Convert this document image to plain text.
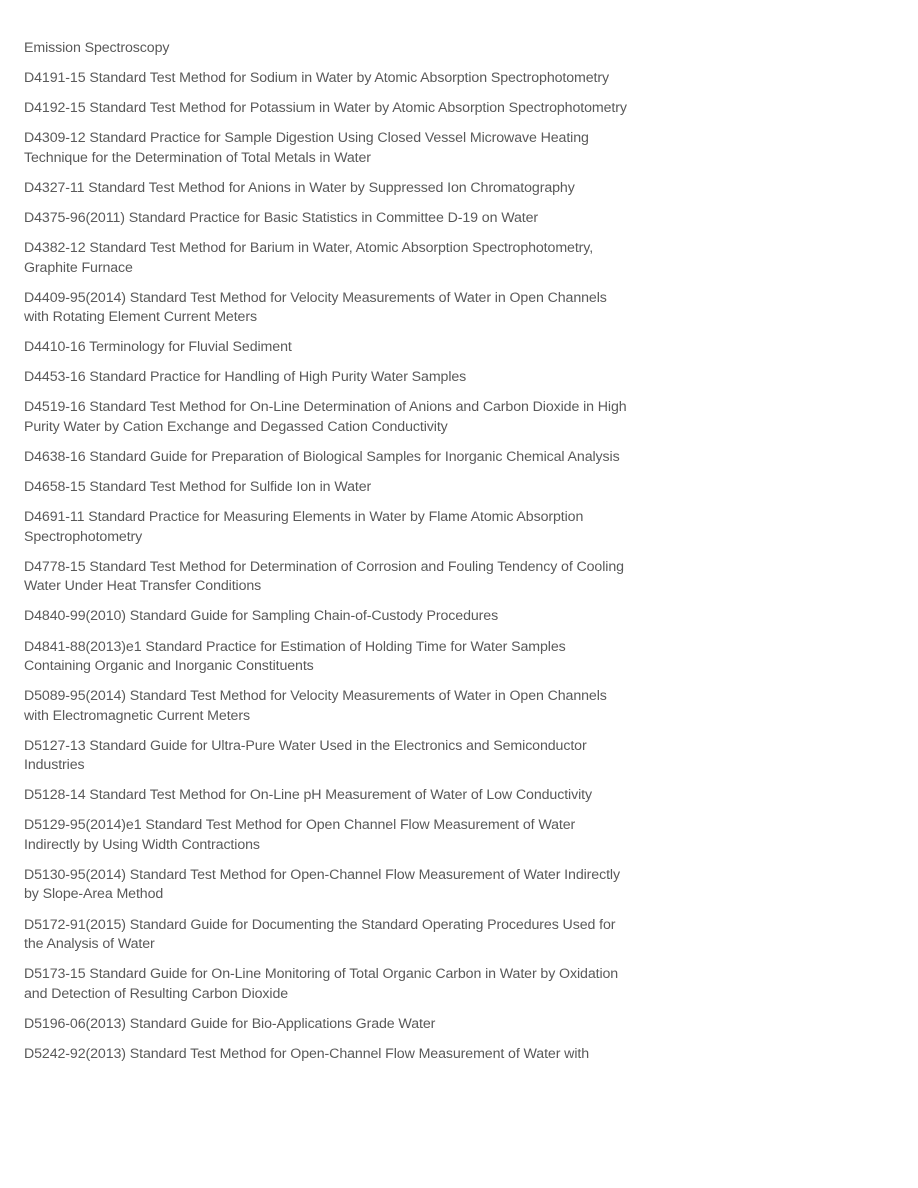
Emission Spectroscopy

D4191-15 Standard Test Method for Sodium in Water by Atomic Absorption Spectrophotometry

D4192-15 Standard Test Method for Potassium in Water by Atomic Absorption Spectrophotometry

D4309-12 Standard Practice for Sample Digestion Using Closed Vessel Microwave Heating Technique for the Determination of Total Metals in Water

D4327-11 Standard Test Method for Anions in Water by Suppressed Ion Chromatography

D4375-96(2011) Standard Practice for Basic Statistics in Committee D-19 on Water

D4382-12 Standard Test Method for Barium in Water, Atomic Absorption Spectrophotometry, Graphite Furnace

D4409-95(2014) Standard Test Method for Velocity Measurements of Water in Open Channels with Rotating Element Current Meters

D4410-16 Terminology for Fluvial Sediment

D4453-16 Standard Practice for Handling of High Purity Water Samples

D4519-16 Standard Test Method for On-Line Determination of Anions and Carbon Dioxide in High Purity Water by Cation Exchange and Degassed Cation Conductivity

D4638-16 Standard Guide for Preparation of Biological Samples for Inorganic Chemical Analysis

D4658-15 Standard Test Method for Sulfide Ion in Water

D4691-11 Standard Practice for Measuring Elements in Water by Flame Atomic Absorption Spectrophotometry

D4778-15 Standard Test Method for Determination of Corrosion and Fouling Tendency of Cooling Water Under Heat Transfer Conditions

D4840-99(2010) Standard Guide for Sampling Chain-of-Custody Procedures

D4841-88(2013)e1 Standard Practice for Estimation of Holding Time for Water Samples Containing Organic and Inorganic Constituents

D5089-95(2014) Standard Test Method for Velocity Measurements of Water in Open Channels with Electromagnetic Current Meters

D5127-13 Standard Guide for Ultra-Pure Water Used in the Electronics and Semiconductor Industries

D5128-14 Standard Test Method for On-Line pH Measurement of Water of Low Conductivity

D5129-95(2014)e1 Standard Test Method for Open Channel Flow Measurement of Water Indirectly by Using Width Contractions

D5130-95(2014) Standard Test Method for Open-Channel Flow Measurement of Water Indirectly by Slope-Area Method

D5172-91(2015) Standard Guide for Documenting the Standard Operating Procedures Used for the Analysis of Water

D5173-15 Standard Guide for On-Line Monitoring of Total Organic Carbon in Water by Oxidation and Detection of Resulting Carbon Dioxide

D5196-06(2013) Standard Guide for Bio-Applications Grade Water

D5242-92(2013) Standard Test Method for Open-Channel Flow Measurement of Water with
